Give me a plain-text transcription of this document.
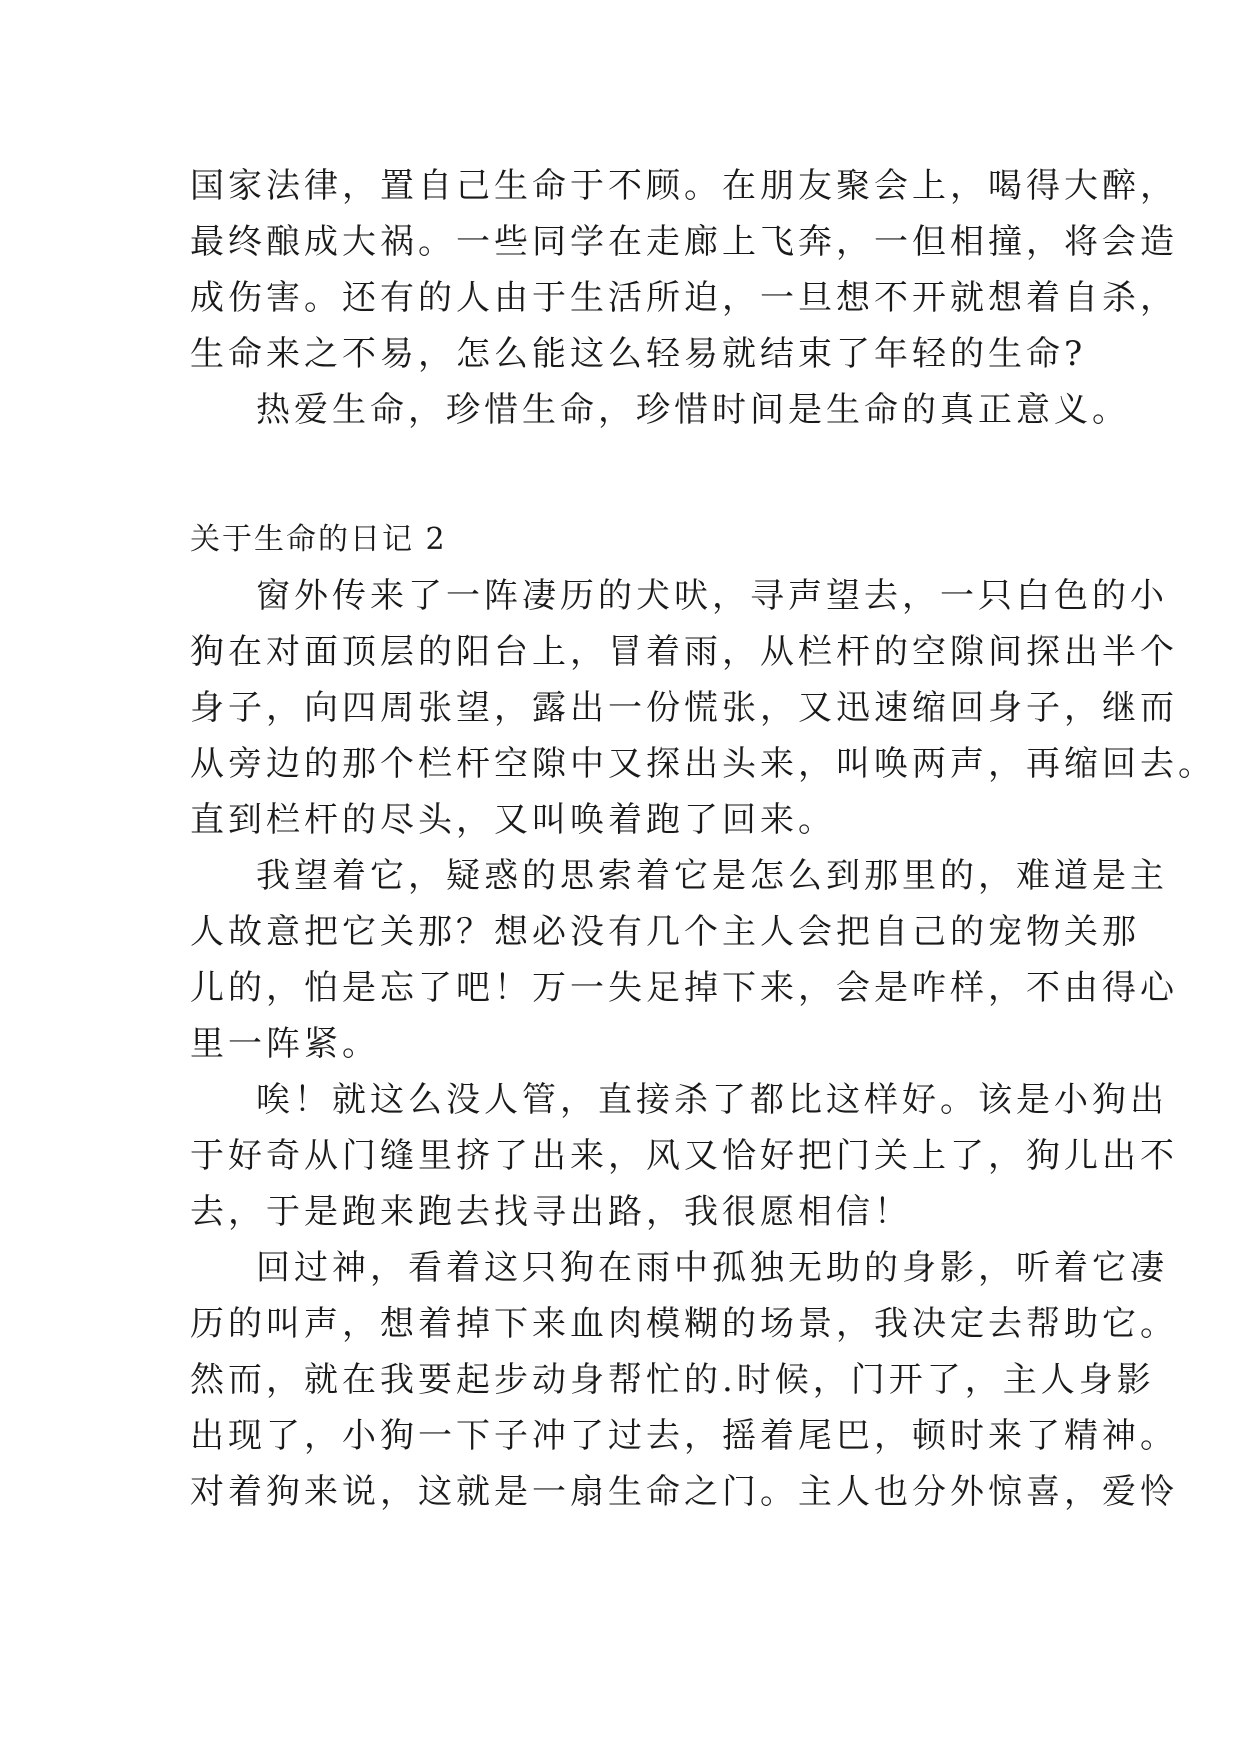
国家法律，置自己生命于不顾。在朋友聚会上，喝得大醉，
最终酿成大祸。一些同学在走廊上飞奔，一但相撞，将会造
成伤害。还有的人由于生活所迫，一旦想不开就想着自杀，
生命来之不易，怎么能这么轻易就结束了年轻的生命?
热爱生命，珍惜生命，珍惜时间是生命的真正意义。
关于生命的日记 2
窗外传来了一阵凄历的犬吠，寻声望去，一只白色的小
狗在对面顶层的阳台上，冒着雨，从栏杆的空隙间探出半个
身子，向四周张望，露出一份慌张，又迅速缩回身子，继而
从旁边的那个栏杆空隙中又探出头来，叫唤两声，再缩回去。
直到栏杆的尽头，又叫唤着跑了回来。
我望着它，疑惑的思索着它是怎么到那里的，难道是主
人故意把它关那？想必没有几个主人会把自己的宠物关那
儿的，怕是忘了吧！万一失足掉下来，会是咋样，不由得心
里一阵紧。
唉！就这么没人管，直接杀了都比这样好。该是小狗出
于好奇从门缝里挤了出来，风又恰好把门关上了，狗儿出不
去，于是跑来跑去找寻出路，我很愿相信！
回过神，看着这只狗在雨中孤独无助的身影，听着它凄
历的叫声，想着掉下来血肉模糊的场景，我决定去帮助它。
然而，就在我要起步动身帮忙的.时候，门开了，主人身影
出现了，小狗一下子冲了过去，摇着尾巴，顿时来了精神。
对着狗来说，这就是一扇生命之门。主人也分外惊喜，爱怜
